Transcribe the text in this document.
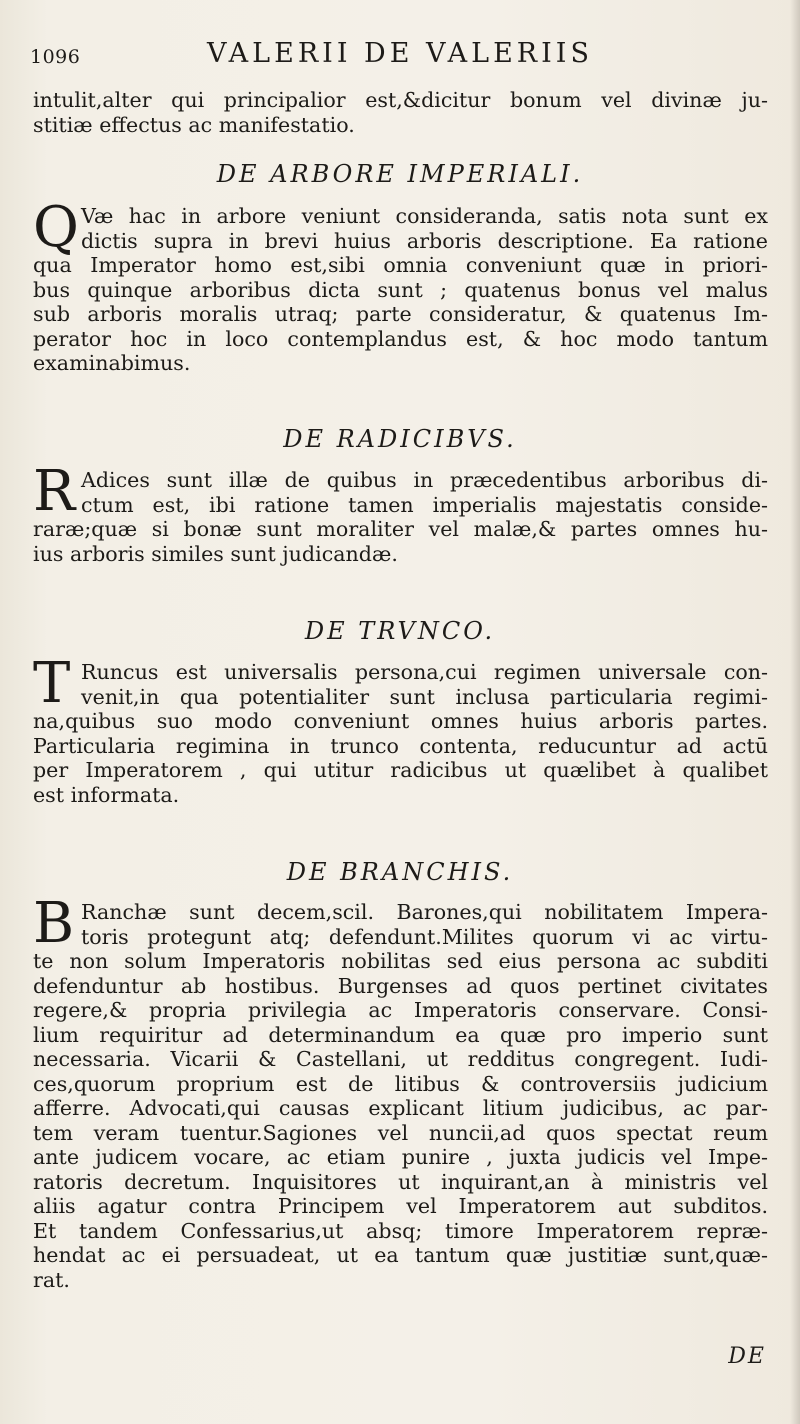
1096	VALERII DE VALERIIS
intulit,alter qui principalior est,&dicitur bonum vel divinæ ju-
stitiæ effectus ac manifestatio.
DE ARBORE IMPERIALI.
Q Væ hac in arbore veniunt consideranda, satis nota sunt ex
dictis supra in brevi huius arboris descriptione. Ea ratione
qua Imperator homo est,sibi omnia conveniunt quæ in priori-
bus quinque arboribus dicta sunt ; quatenus bonus vel malus
sub arboris moralis utraq; parte consideratur, & quatenus Im-
perator hoc in loco contemplandus est, & hoc modo tantum
examinabimus.
DE RADICIBVS.
R Adices sunt illæ de quibus in præcedentibus arboribus di-
ctum est, ibi ratione tamen imperialis majestatis conside-
raræ;quæ si bonæ sunt moraliter vel malæ,& partes omnes hu-
ius arboris similes sunt judicandæ.
DE TRVNCO.
T Runcus est universalis persona,cui regimen universale con-
venit,in qua potentialiter sunt inclusa particularia regimi-
na,quibus suo modo conveniunt omnes huius arboris partes.
Particularia regimina in trunco contenta, reducuntur ad actū
per Imperatorem , qui utitur radicibus ut quælibet à qualibet
est informata.
DE BRANCHIS.
B Ranchæ sunt decem,scil. Barones,qui nobilitatem Impera-
toris protegunt atq; defendunt.Milites quorum vi ac virtu-
te non solum Imperatoris nobilitas sed eius persona ac subditi
defenduntur ab hostibus. Burgenses ad quos pertinet civitates
regere,& propria privilegia ac Imperatoris conservare. Consi-
lium requiritur ad determinandum ea quæ pro imperio sunt
necessaria. Vicarii & Castellani, ut redditus congregent. Iudi-
ces,quorum proprium est de litibus & controversiis judicium
afferre. Advocati,qui causas explicant litium judicibus, ac par-
tem veram tuentur.Sagiones vel nuncii,ad quos spectat reum
ante judicem vocare, ac etiam punire , juxta judicis vel Impe-
ratoris decretum. Inquisitores ut inquirant,an à ministris vel
aliis agatur contra Principem vel Imperatorem aut subditos.
Et tandem Confessarius,ut absq; timore Imperatorem repræ-
hendat ac ei persuadeat, ut ea tantum quæ justitiæ sunt,quæ-
rat.
DE
